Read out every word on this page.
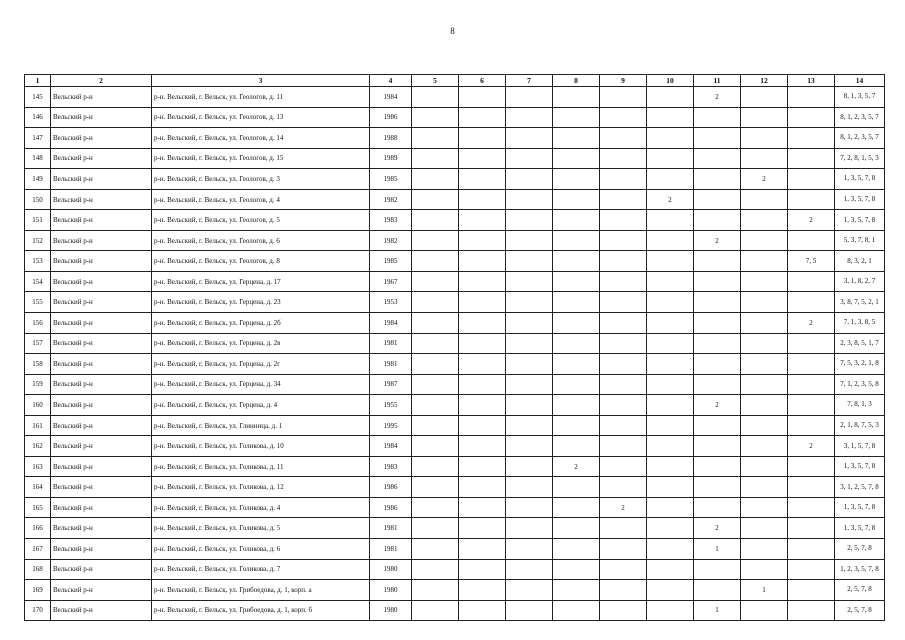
8
1	2	3	4	5	6	7	8	9	10	11	12	13	14
145	Вельский р-н	р-н. Вельский, г. Вельск, ул. Геологов, д. 11	1984							2			8, 1, 3, 5, 7
146	Вельский р-н	р-н. Вельский, г. Вельск, ул. Геологов, д. 13	1986										8, 1, 2, 3, 5, 7
147	Вельский р-н	р-н. Вельский, г. Вельск, ул. Геологов, д. 14	1988										8, 1, 2, 3, 5, 7
148	Вельский р-н	р-н. Вельский, г. Вельск, ул. Геологов, д. 15	1989										7, 2, 8, 1, 5, 3
149	Вельский р-н	р-н. Вельский, г. Вельск, ул. Геологов, д. 3	1985								2		1, 3, 5, 7, 8
150	Вельский р-н	р-н. Вельский, г. Вельск, ул. Геологов, д. 4	1982						2				1, 3, 5, 7, 8
151	Вельский р-н	р-н. Вельский, г. Вельск, ул. Геологов, д. 5	1983									2	1, 3, 5, 7, 8
152	Вельский р-н	р-н. Вельский, г. Вельск, ул. Геологов, д. 6	1982							2			5, 3, 7, 8, 1
153	Вельский р-н	р-н. Вельский, г. Вельск, ул. Геологов, д. 8	1985									7, 5	8, 3, 2, 1
154	Вельский р-н	р-н. Вельский, г. Вельск, ул. Герцена, д. 17	1967										3, 1, 8, 2, 7
155	Вельский р-н	р-н. Вельский, г. Вельск, ул. Герцена, д. 23	1953										3, 8, 7, 5, 2, 1
156	Вельский р-н	р-н. Вельский, г. Вельск, ул. Герцена, д. 2б	1984									2	7, 1, 3, 8, 5
157	Вельский р-н	р-н. Вельский, г. Вельск, ул. Герцена, д. 2в	1981										2, 3, 8, 5, 1, 7
158	Вельский р-н	р-н. Вельский, г. Вельск, ул. Герцена, д. 2г	1981										7, 5, 3, 2, 1, 8
159	Вельский р-н	р-н. Вельский, г. Вельск, ул. Герцена, д. 34	1987										7, 1, 2, 3, 5, 8
160	Вельский р-н	р-н. Вельский, г. Вельск, ул. Герцена, д. 4	1955							2			7, 8, 1, 3
161	Вельский р-н	р-н. Вельский, г. Вельск, ул. Глинница, д. 1	1995										2, 1, 8, 7, 5, 3
162	Вельский р-н	р-н. Вельский, г. Вельск, ул. Голикова, д. 10	1984									2	3, 1, 5, 7, 8
163	Вельский р-н	р-н. Вельский, г. Вельск, ул. Голикова, д. 11	1983				2						1, 3, 5, 7, 8
164	Вельский р-н	р-н. Вельский, г. Вельск, ул. Голикова, д. 12	1986										3, 1, 2, 5, 7, 8
165	Вельский р-н	р-н. Вельский, г. Вельск, ул. Голикова, д. 4	1986					2					1, 3, 5, 7, 8
166	Вельский р-н	р-н. Вельский, г. Вельск, ул. Голикова, д. 5	1981							2			1, 3, 5, 7, 8
167	Вельский р-н	р-н. Вельский, г. Вельск, ул. Голикова, д. 6	1981							1			2, 5, 7, 8
168	Вельский р-н	р-н. Вельский, г. Вельск, ул. Голикова, д. 7	1980										1, 2, 3, 5, 7, 8
169	Вельский р-н	р-н. Вельский, г. Вельск, ул. Грибоедова, д. 1, корп. а	1980								1		2, 5, 7, 8
170	Вельский р-н	р-н. Вельский, г. Вельск, ул. Грибоедова, д. 1, корп. б	1980							1			2, 5, 7, 8
